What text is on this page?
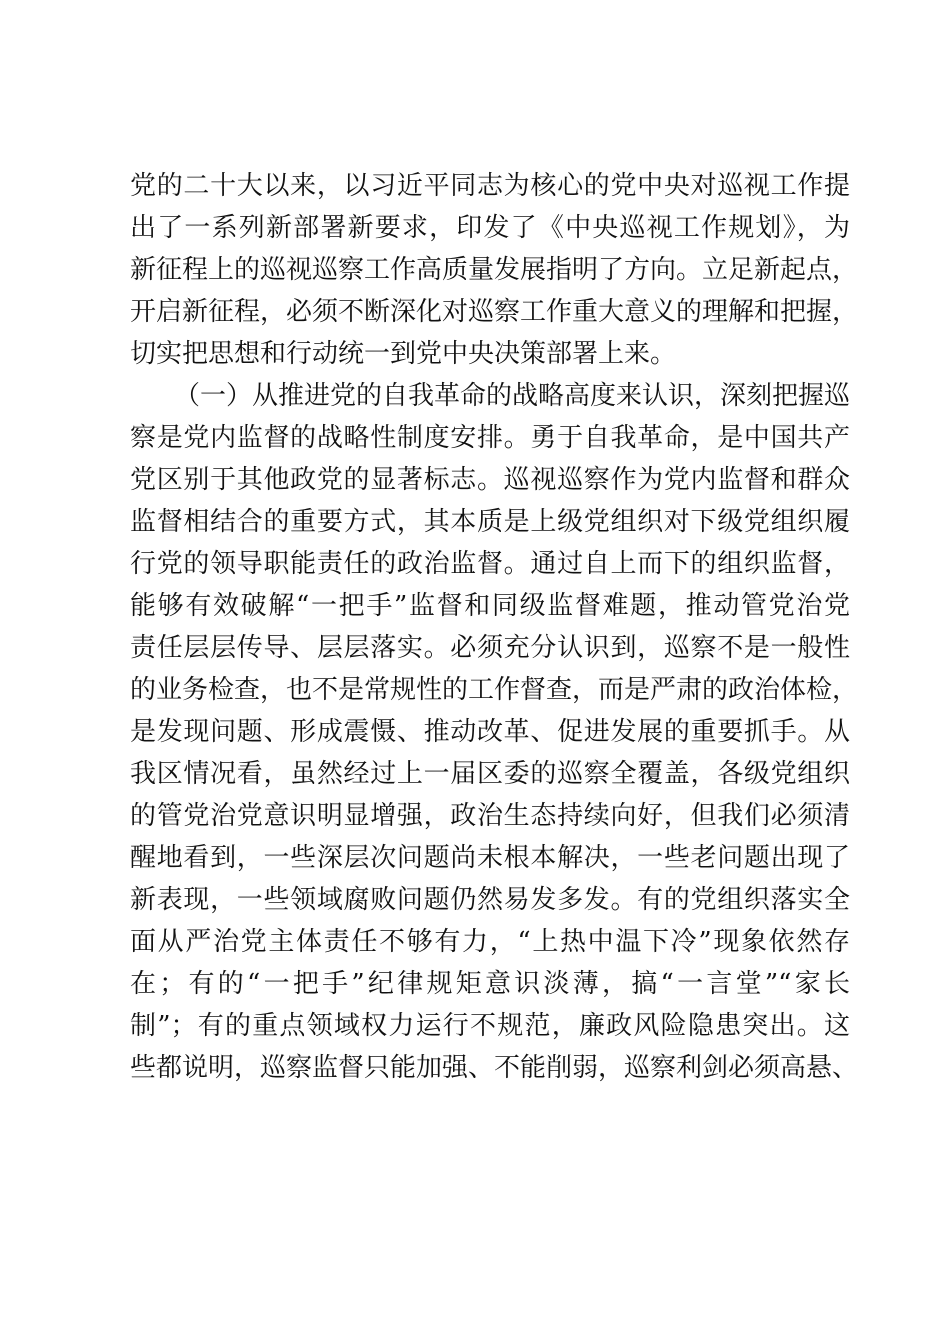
党的二十大以来，以习近平同志为核心的党中央对巡视工作提
出了一系列新部署新要求，印发了《中央巡视工作规划》，为
新征程上的巡视巡察工作高质量发展指明了方向。立足新起点，
开启新征程，必须不断深化对巡察工作重大意义的理解和把握，
切实把思想和行动统一到党中央决策部署上来。
（一）从推进党的自我革命的战略高度来认识，深刻把握巡
察是党内监督的战略性制度安排。勇于自我革命，是中国共产
党区别于其他政党的显著标志。巡视巡察作为党内监督和群众
监督相结合的重要方式，其本质是上级党组织对下级党组织履
行党的领导职能责任的政治监督。通过自上而下的组织监督，
能够有效破解“一把手”监督和同级监督难题，推动管党治党
责任层层传导、层层落实。必须充分认识到，巡察不是一般性
的业务检查，也不是常规性的工作督查，而是严肃的政治体检，
是发现问题、形成震慑、推动改革、促进发展的重要抓手。从
我区情况看，虽然经过上一届区委的巡察全覆盖，各级党组织
的管党治党意识明显增强，政治生态持续向好，但我们必须清
醒地看到，一些深层次问题尚未根本解决，一些老问题出现了
新表现，一些领域腐败问题仍然易发多发。有的党组织落实全
面从严治党主体责任不够有力，“上热中温下冷”现象依然存
在；有的“一把手”纪律规矩意识淡薄，搞“一言堂”“家长
制”；有的重点领域权力运行不规范，廉政风险隐患突出。这
些都说明，巡察监督只能加强、不能削弱，巡察利剑必须高悬、
